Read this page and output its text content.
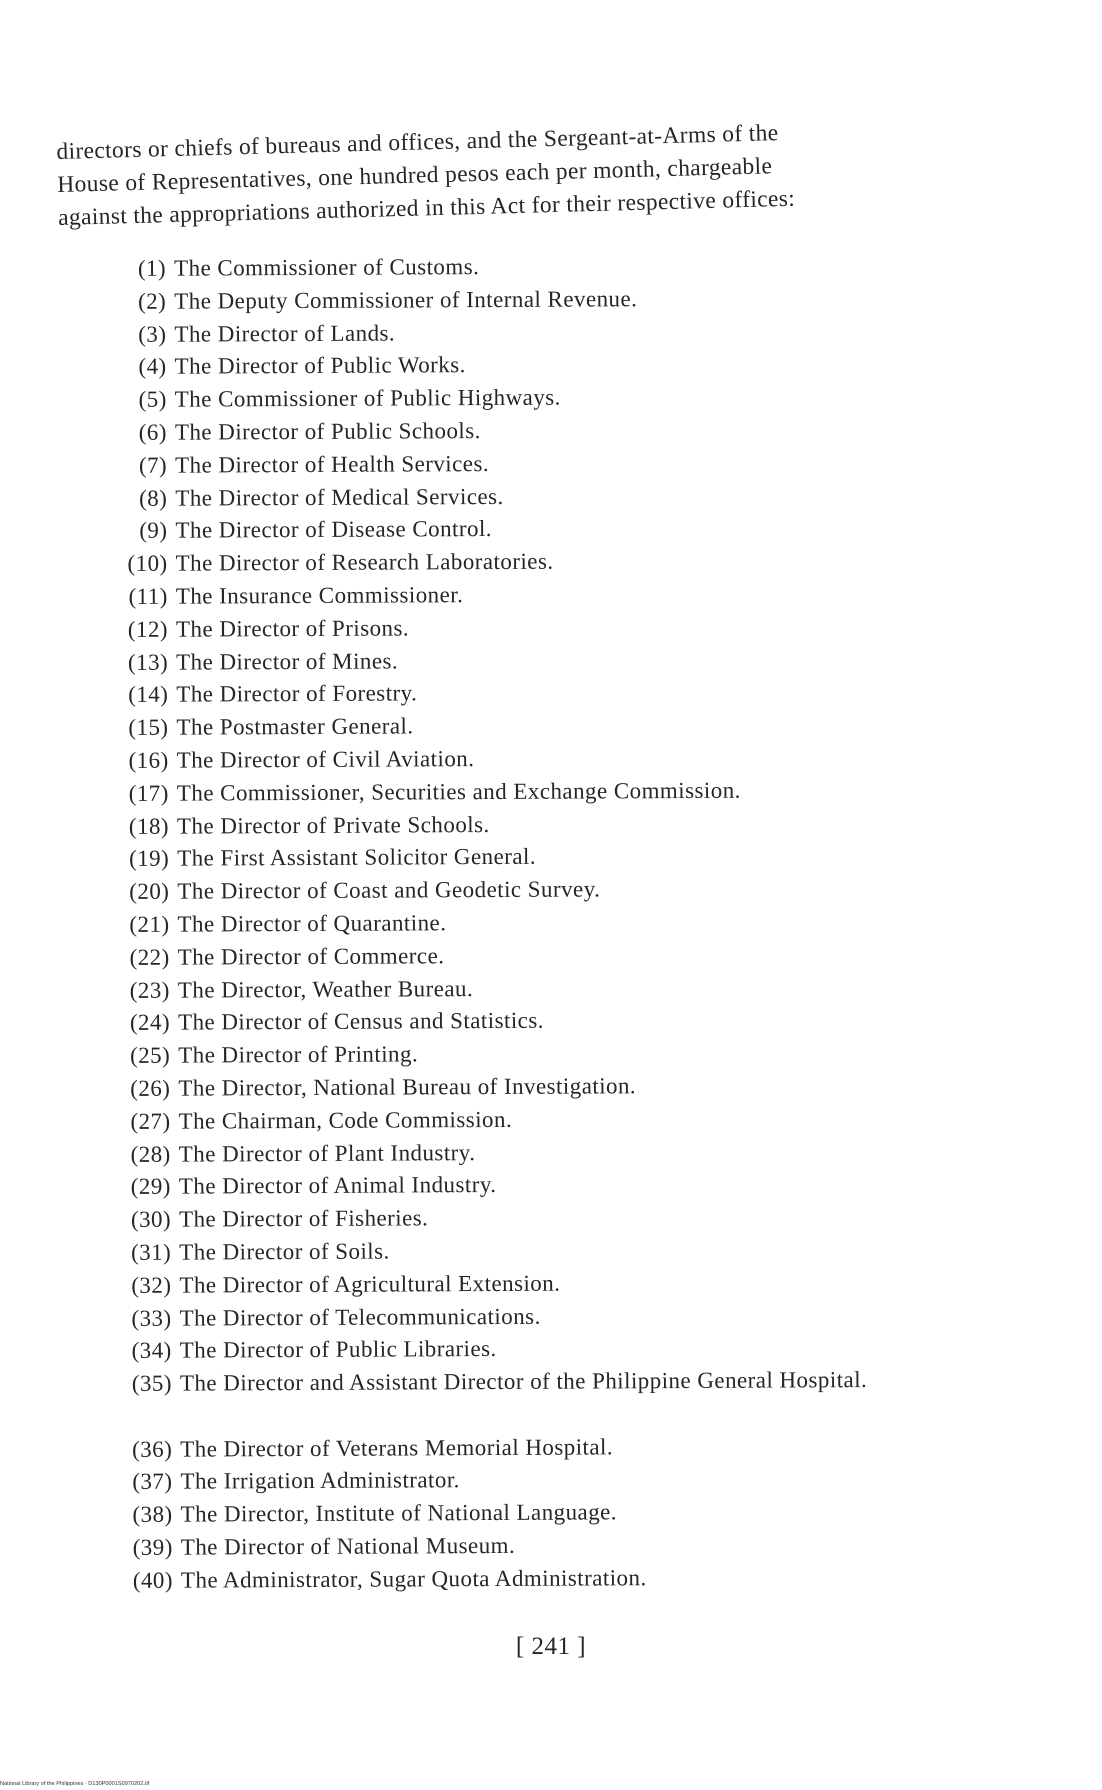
directors or chiefs of bureaus and offices, and the Sergeant-at-Arms of the
House of Representatives, one hundred pesos each per month, chargeable
against the appropriations authorized in this Act for their respective offices:
(1) The Commissioner of Customs.
(2) The Deputy Commissioner of Internal Revenue.
(3) The Director of Lands.
(4) The Director of Public Works.
(5) The Commissioner of Public Highways.
(6) The Director of Public Schools.
(7) The Director of Health Services.
(8) The Director of Medical Services.
(9) The Director of Disease Control.
(10) The Director of Research Laboratories.
(11) The Insurance Commissioner.
(12) The Director of Prisons.
(13) The Director of Mines.
(14) The Director of Forestry.
(15) The Postmaster General.
(16) The Director of Civil Aviation.
(17) The Commissioner, Securities and Exchange Commission.
(18) The Director of Private Schools.
(19) The First Assistant Solicitor General.
(20) The Director of Coast and Geodetic Survey.
(21) The Director of Quarantine.
(22) The Director of Commerce.
(23) The Director, Weather Bureau.
(24) The Director of Census and Statistics.
(25) The Director of Printing.
(26) The Director, National Bureau of Investigation.
(27) The Chairman, Code Commission.
(28) The Director of Plant Industry.
(29) The Director of Animal Industry.
(30) The Director of Fisheries.
(31) The Director of Soils.
(32) The Director of Agricultural Extension.
(33) The Director of Telecommunications.
(34) The Director of Public Libraries.
(35) The Director and Assistant Director of the Philippine General Hospital.
(36) The Director of Veterans Memorial Hospital.
(37) The Irrigation Administrator.
(38) The Director, Institute of National Language.
(39) The Director of National Museum.
(40) The Administrator, Sugar Quota Administration.
[ 241 ]
National Library of the Philippines · D130P0001S0970202.tif
